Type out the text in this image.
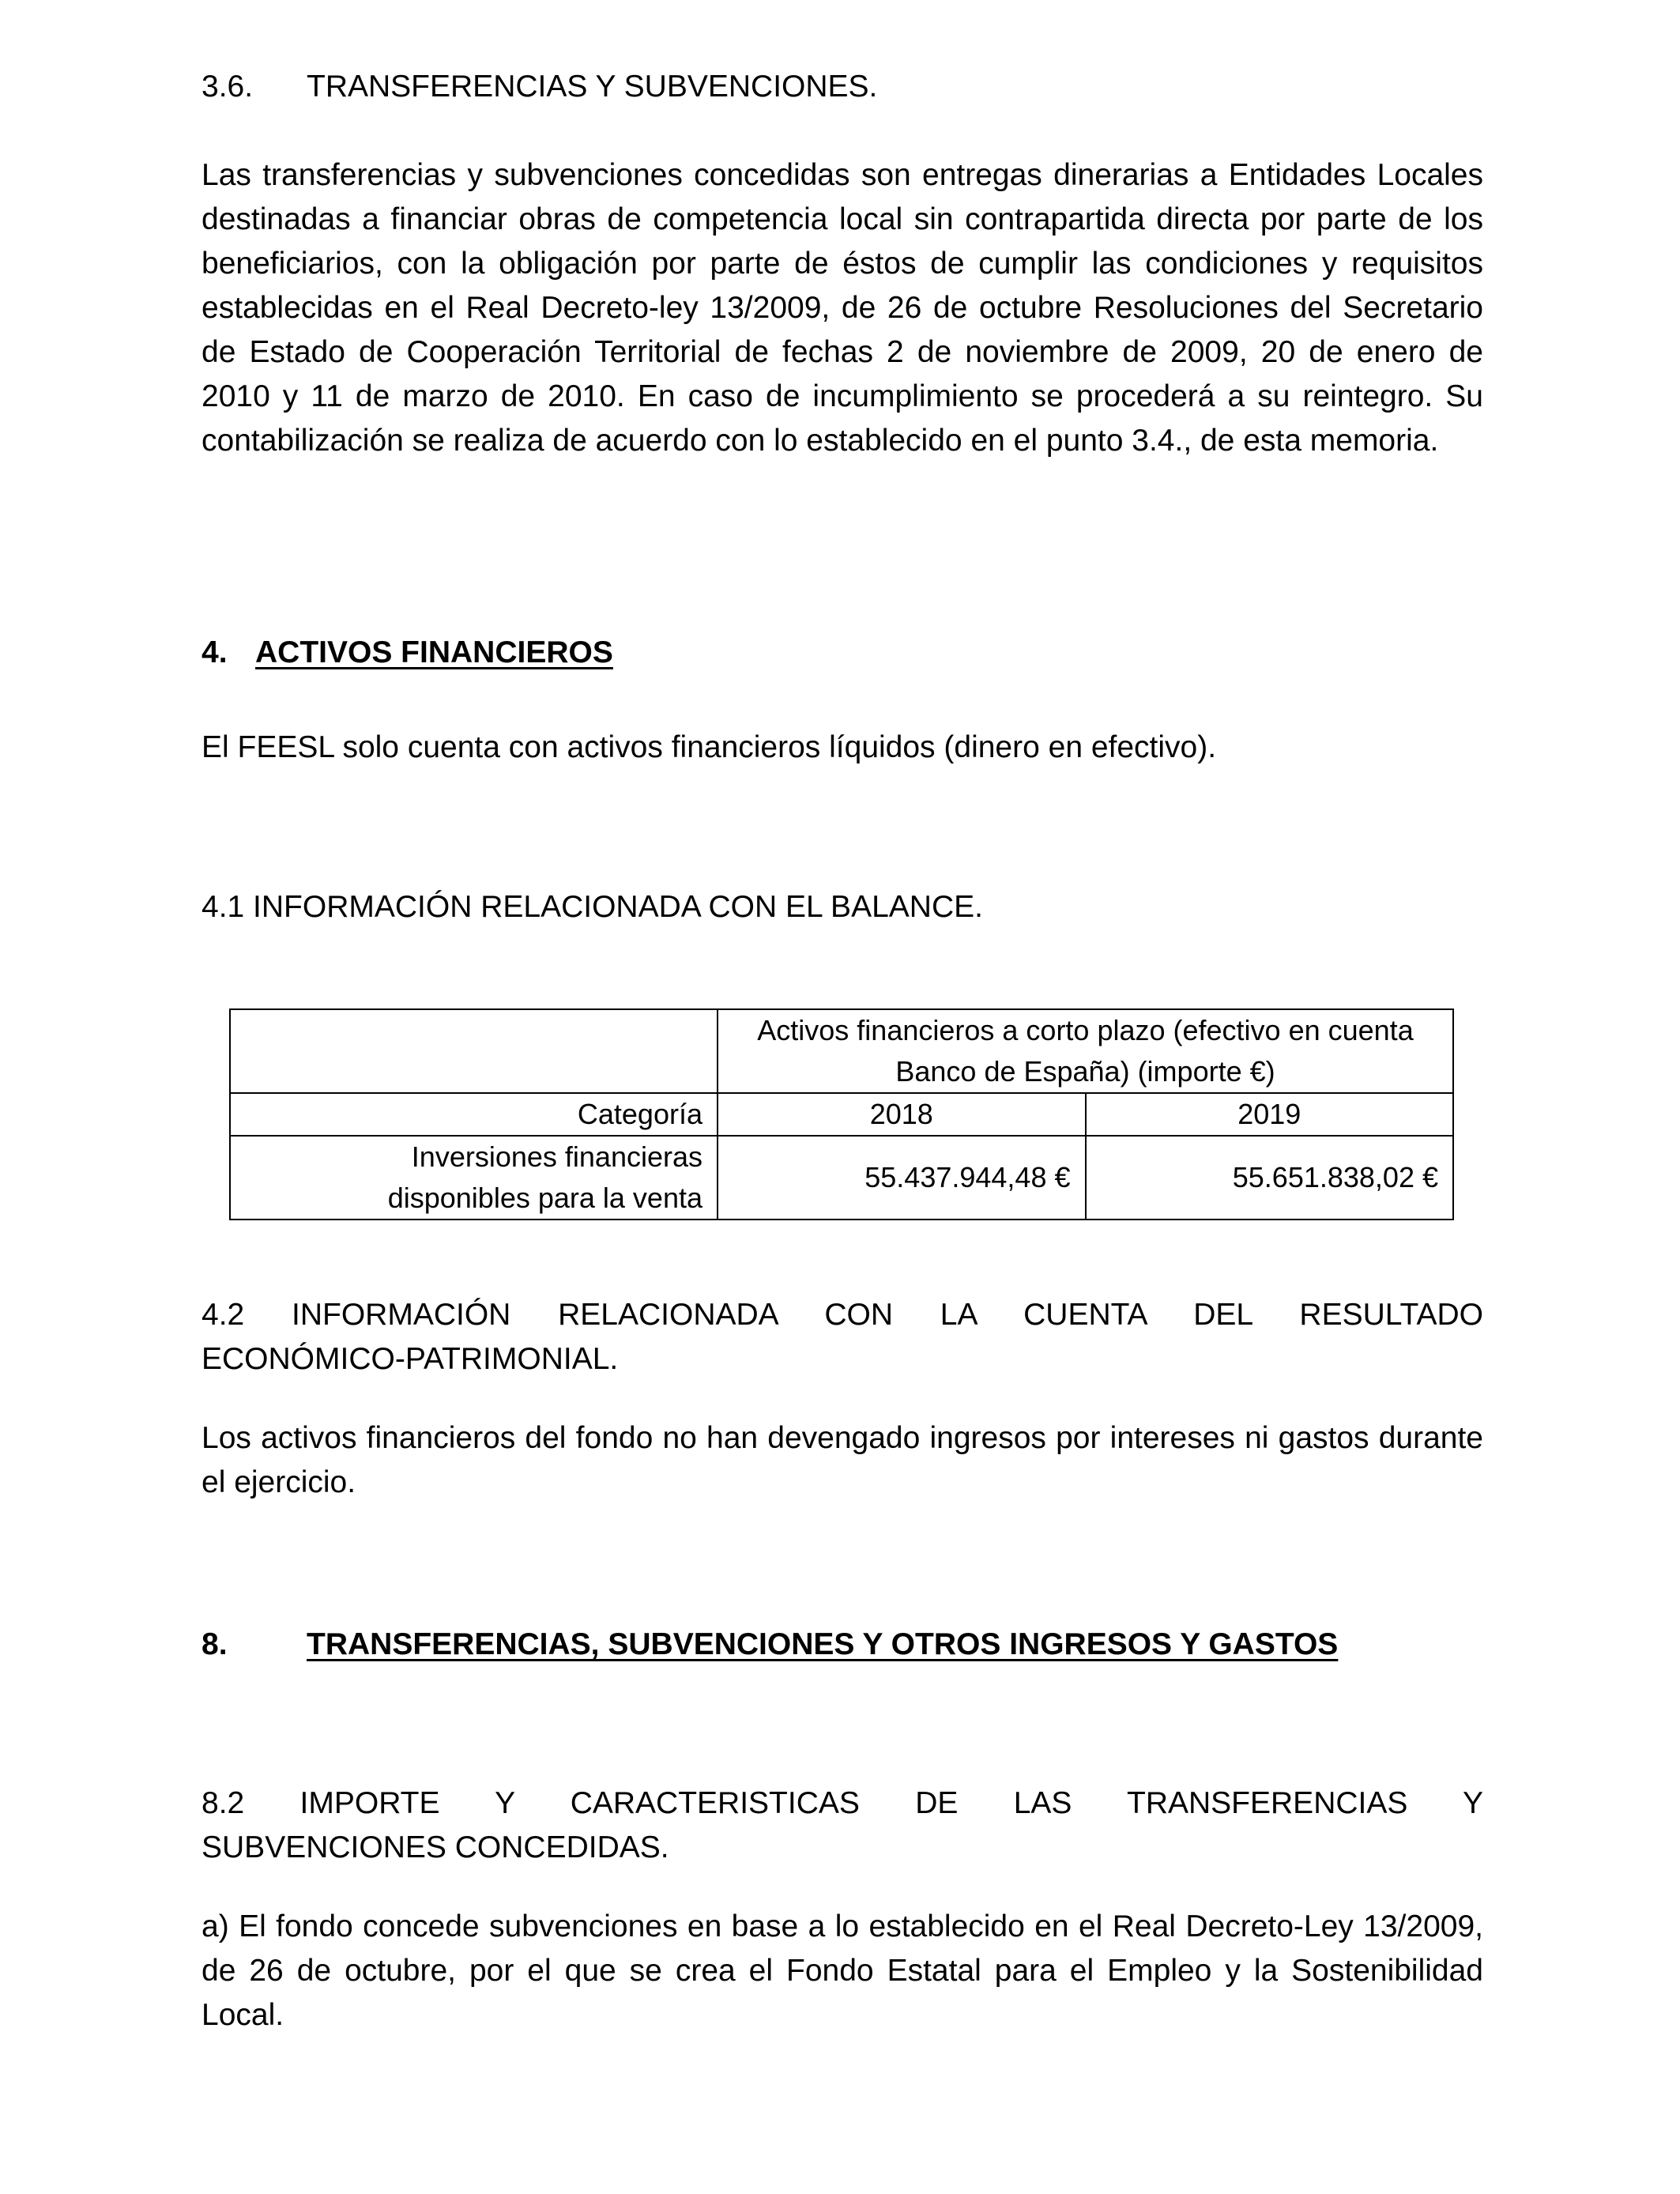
3.6. TRANSFERENCIAS Y SUBVENCIONES.

Las transferencias y subvenciones concedidas son entregas dinerarias a Entidades Locales destinadas a financiar obras de competencia local sin contrapartida directa por parte de los beneficiarios, con la obligación por parte de éstos de cumplir las condiciones y requisitos establecidas en el Real Decreto-ley 13/2009, de 26 de octubre Resoluciones del Secretario de Estado de Cooperación Territorial de fechas 2 de noviembre de 2009, 20 de enero de 2010 y 11 de marzo de 2010. En caso de incumplimiento se procederá a su reintegro. Su contabilización se realiza de acuerdo con lo establecido en el punto 3.4., de esta memoria.

4. ACTIVOS FINANCIEROS

El FEESL solo cuenta con activos financieros líquidos (dinero en efectivo).

4.1 INFORMACIÓN RELACIONADA CON EL BALANCE.
	Activos financieros a corto plazo (efectivo en cuenta Banco de España) (importe €)	
Categoría	2018	2019
Inversiones financieras disponibles para la venta	55.437.944,48 €	55.651.838,02 €
4.2 INFORMACIÓN RELACIONADA CON LA CUENTA DEL RESULTADO
ECONÓMICO-PATRIMONIAL.

Los activos financieros del fondo no han devengado ingresos por intereses ni gastos durante el ejercicio.

8.	TRANSFERENCIAS, SUBVENCIONES Y OTROS INGRESOS Y GASTOS
8.2 IMPORTE Y CARACTERISTICAS DE LAS TRANSFERENCIAS Y
SUBVENCIONES CONCEDIDAS.

a) El fondo concede subvenciones en base a lo establecido en el Real Decreto-Ley 13/2009, de 26 de octubre, por el que se crea el Fondo Estatal para el Empleo y la Sostenibilidad Local.
